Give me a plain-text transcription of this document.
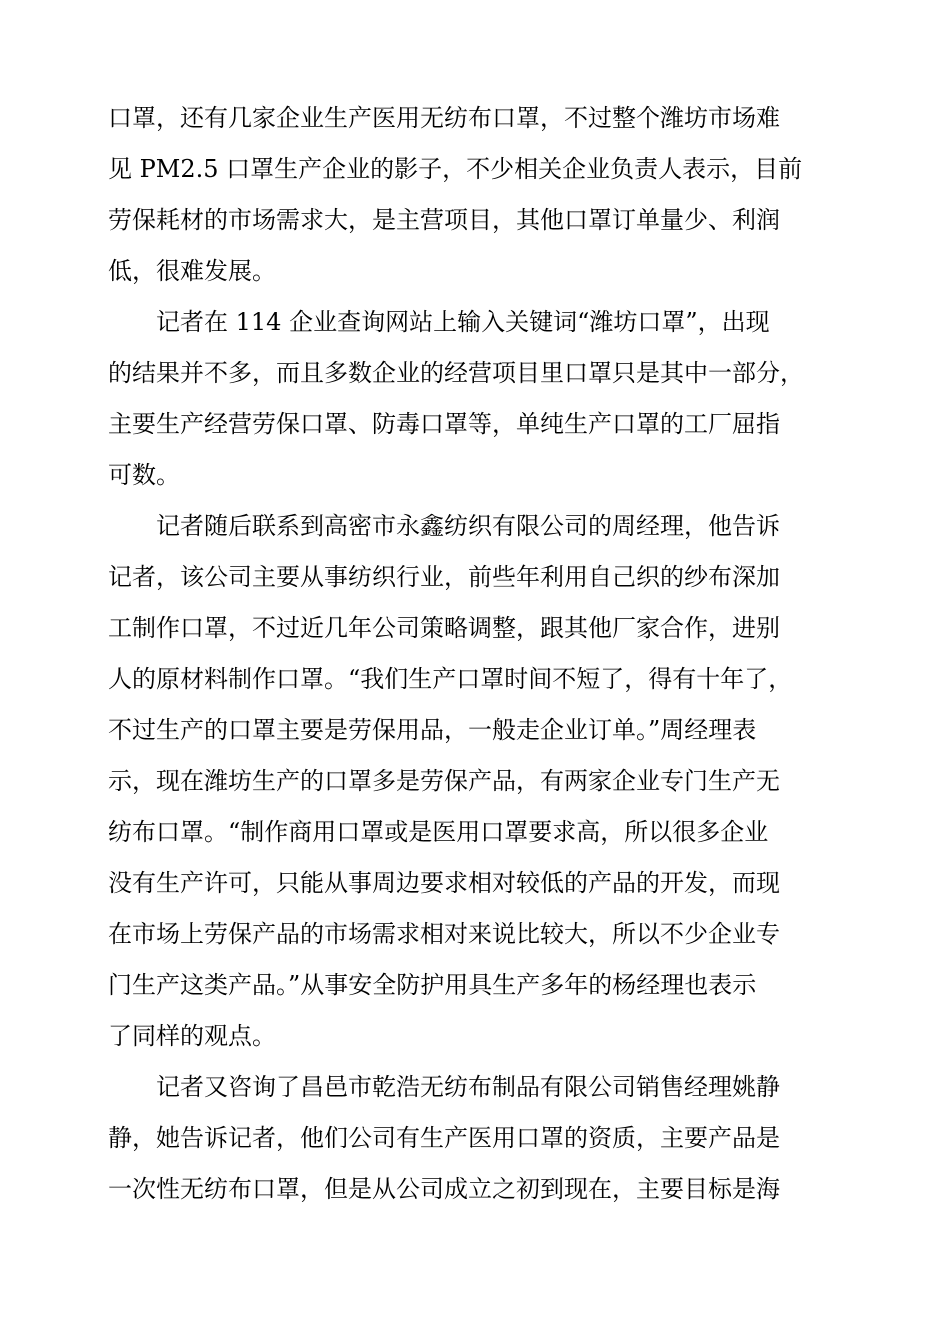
口罩，还有几家企业生产医用无纺布口罩，不过整个潍坊市场难
见 PM2.5 口罩生产企业的影子，不少相关企业负责人表示，目前
劳保耗材的市场需求大，是主营项目，其他口罩订单量少、利润
低，很难发展。
记者在 114 企业查询网站上输入关键词“潍坊口罩”，出现
的结果并不多，而且多数企业的经营项目里口罩只是其中一部分，
主要生产经营劳保口罩、防毒口罩等，单纯生产口罩的工厂屈指
可数。
记者随后联系到高密市永鑫纺织有限公司的周经理，他告诉
记者，该公司主要从事纺织行业，前些年利用自己织的纱布深加
工制作口罩，不过近几年公司策略调整，跟其他厂家合作，进别
人的原材料制作口罩。“我们生产口罩时间不短了，得有十年了，
不过生产的口罩主要是劳保用品，一般走企业订单。”周经理表
示，现在潍坊生产的口罩多是劳保产品，有两家企业专门生产无
纺布口罩。“制作商用口罩或是医用口罩要求高，所以很多企业
没有生产许可，只能从事周边要求相对较低的产品的开发，而现
在市场上劳保产品的市场需求相对来说比较大，所以不少企业专
门生产这类产品。”从事安全防护用具生产多年的杨经理也表示
了同样的观点。
记者又咨询了昌邑市乾浩无纺布制品有限公司销售经理姚静
静，她告诉记者，他们公司有生产医用口罩的资质，主要产品是
一次性无纺布口罩，但是从公司成立之初到现在，主要目标是海
